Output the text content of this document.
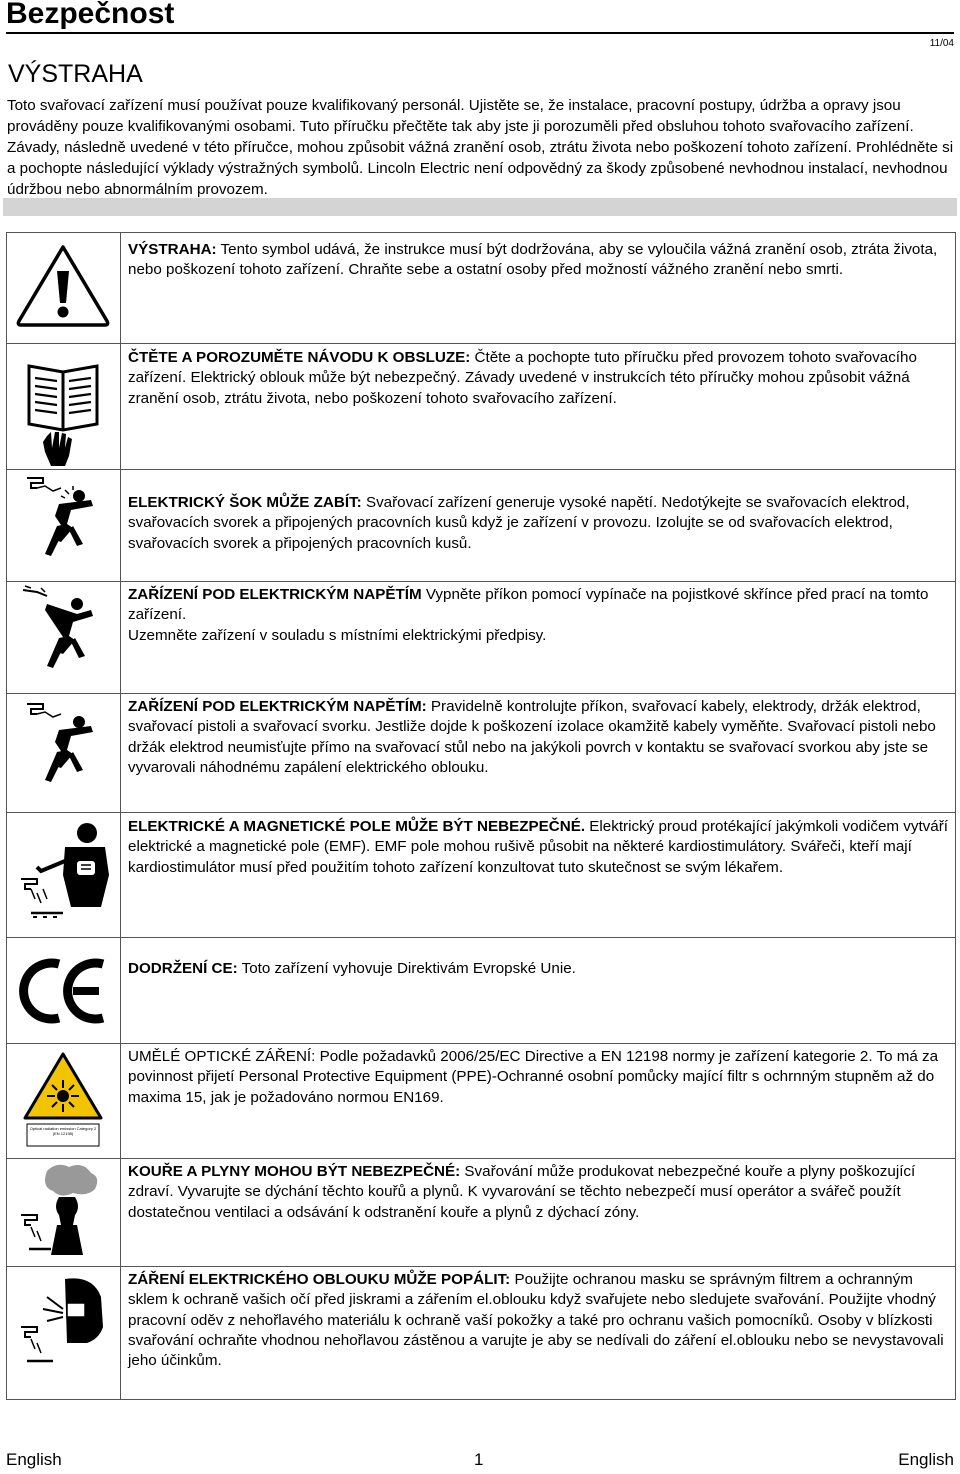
Bezpečnost
11/04
VÝSTRAHA
Toto svařovací zařízení musí používat pouze kvalifikovaný personál. Ujistěte se, že instalace, pracovní postupy, údržba a opravy jsou prováděny pouze kvalifikovanými osobami. Tuto příručku přečtěte tak aby jste ji porozuměli před obsluhou tohoto svařovacího zařízení. Závady, následně uvedené v této příručce, mohou způsobit vážná zranění osob, ztrátu života nebo poškození tohoto zařízení. Prohlédněte si a pochopte následující výklady výstražných symbolů. Lincoln Electric není odpovědný za škody způsobené nevhodnou instalací, nevhodnou údržbou nebo abnormálním provozem.
VÝSTRAHA: Tento symbol udává, že instrukce musí být dodržována, aby se vyloučila vážná zranění osob, ztráta života, nebo poškození tohoto zařízení. Chraňte sebe a ostatní osoby před možností vážného zranění nebo smrti.
ČTĚTE A POROZUMĚTE NÁVODU K OBSLUZE: Čtěte a pochopte tuto příručku před provozem tohoto svařovacího zařízení. Elektrický oblouk může být nebezpečný. Závady uvedené v instrukcích této příručky mohou způsobit vážná zranění osob, ztrátu života, nebo poškození tohoto svařovacího zařízení.
ELEKTRICKÝ ŠOK MŮŽE ZABÍT: Svařovací zařízení generuje vysoké napětí. Nedotýkejte se svařovacích elektrod, svařovacích svorek a připojených pracovních kusů když je zařízení v provozu. Izolujte se od svařovacích elektrod, svařovacích svorek a připojených pracovních kusů.
ZAŘÍZENÍ POD ELEKTRICKÝM NAPĚTÍM Vypněte příkon pomocí vypínače na pojistkové skřínce před prací na tomto zařízení.
Uzemněte zařízení v souladu s místními elektrickými předpisy.
ZAŘÍZENÍ POD ELEKTRICKÝM NAPĚTÍM: Pravidelně kontrolujte příkon, svařovací kabely, elektrody, držák elektrod, svařovací pistoli a svařovací svorku. Jestliže dojde k poškození izolace okamžitě kabely vyměňte. Svařovací pistoli nebo držák elektrod neumisťujte přímo na svařovací stůl nebo na jakýkoli povrch v kontaktu se svařovací svorkou aby jste se vyvarovali náhodnému zapálení elektrického oblouku.
ELEKTRICKÉ A MAGNETICKÉ POLE MŮŽE BÝT NEBEZPEČNÉ. Elektrický proud protékající jakýmkoli vodičem vytváří elektrické a magnetické pole (EMF). EMF pole mohou rušivě působit na některé kardiostimulátory. Svářeči, kteří mají kardiostimulátor musí před použitím tohoto zařízení konzultovat tuto skutečnost se svým lékařem.
DODRŽENÍ CE: Toto zařízení vyhovuje Direktivám Evropské Unie.
Optical radiation emission Category 2 (EN 12198)
UMĚLÉ OPTICKÉ ZÁŘENÍ: Podle požadavků 2006/25/EC Directive a EN 12198 normy je zařízení kategorie 2. To má za povinnost přijetí Personal Protective Equipment (PPE)-Ochranné osobní pomůcky mající filtr s ochrnným stupněm až do maxima 15, jak je požadováno normou EN169.
KOUŘE A PLYNY MOHOU BÝT NEBEZPEČNÉ: Svařování může produkovat nebezpečné kouře a plyny poškozující zdraví. Vyvarujte se dýchání těchto kouřů a plynů. K vyvarování se těchto nebezpečí musí operátor a svářeč použít dostatečnou ventilaci a odsávání k odstranění kouře a plynů z dýchací zóny.
ZÁŘENÍ ELEKTRICKÉHO OBLOUKU MŮŽE POPÁLIT: Použijte ochranou masku se správným filtrem a ochranným sklem k ochraně vašich očí před jiskrami a zářením el.oblouku když svařujete nebo sledujete svařování. Použijte vhodný pracovní oděv z nehořlavého materiálu k ochraně vaší pokožky a také pro ochranu vašich pomocníků. Osoby v blízkosti svařování ochraňte vhodnou nehořlavou zástěnou a varujte je aby se nedívali do záření el.oblouku nebo se nevystavovali jeho účinkům.
English	1	English
